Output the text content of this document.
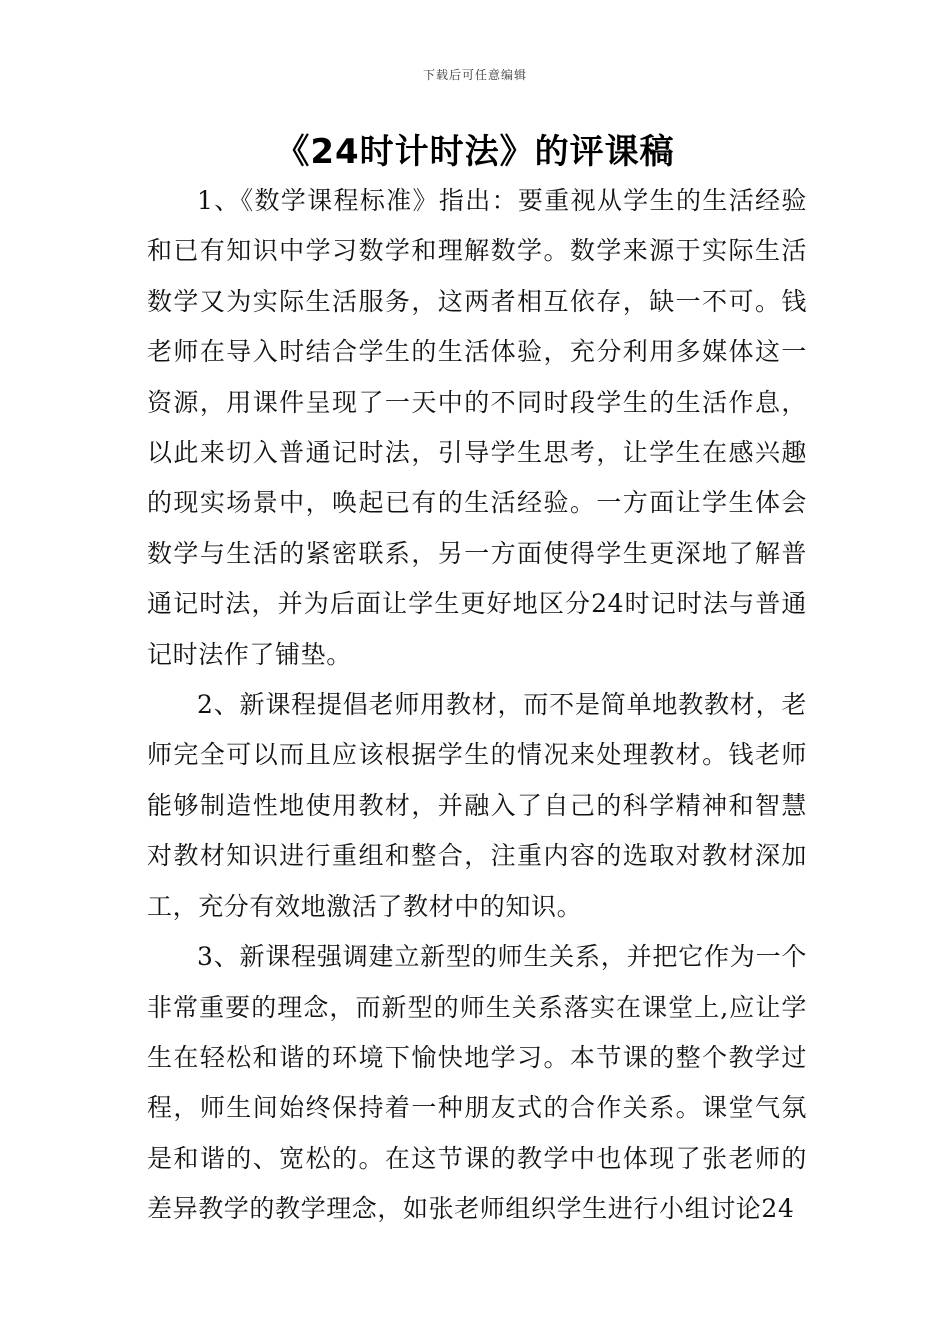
下载后可任意编辑
《24时计时法》的评课稿

1、《数学课程标准》指出：要重视从学生的生活经验和已有知识中学习数学和理解数学。数学来源于实际生活数学又为实际生活服务，这两者相互依存，缺一不可。钱老师在导入时结合学生的生活体验，充分利用多媒体这一资源，用课件呈现了一天中的不同时段学生的生活作息，以此来切入普通记时法，引导学生思考，让学生在感兴趣的现实场景中，唤起已有的生活经验。一方面让学生体会数学与生活的紧密联系，另一方面使得学生更深地了解普通记时法，并为后面让学生更好地区分24时记时法与普通记时法作了铺垫。

2、新课程提倡老师用教材，而不是简单地教教材，老师完全可以而且应该根据学生的情况来处理教材。钱老师能够制造性地使用教材，并融入了自己的科学精神和智慧对教材知识进行重组和整合，注重内容的选取对教材深加工，充分有效地激活了教材中的知识。

3、新课程强调建立新型的师生关系，并把它作为一个非常重要的理念，而新型的师生关系落实在课堂上,应让学生在轻松和谐的环境下愉快地学习。本节课的整个教学过程，师生间始终保持着一种朋友式的合作关系。课堂气氛是和谐的、宽松的。在这节课的教学中也体现了张老师的差异教学的教学理念，如张老师组织学生进行小组讨论24
